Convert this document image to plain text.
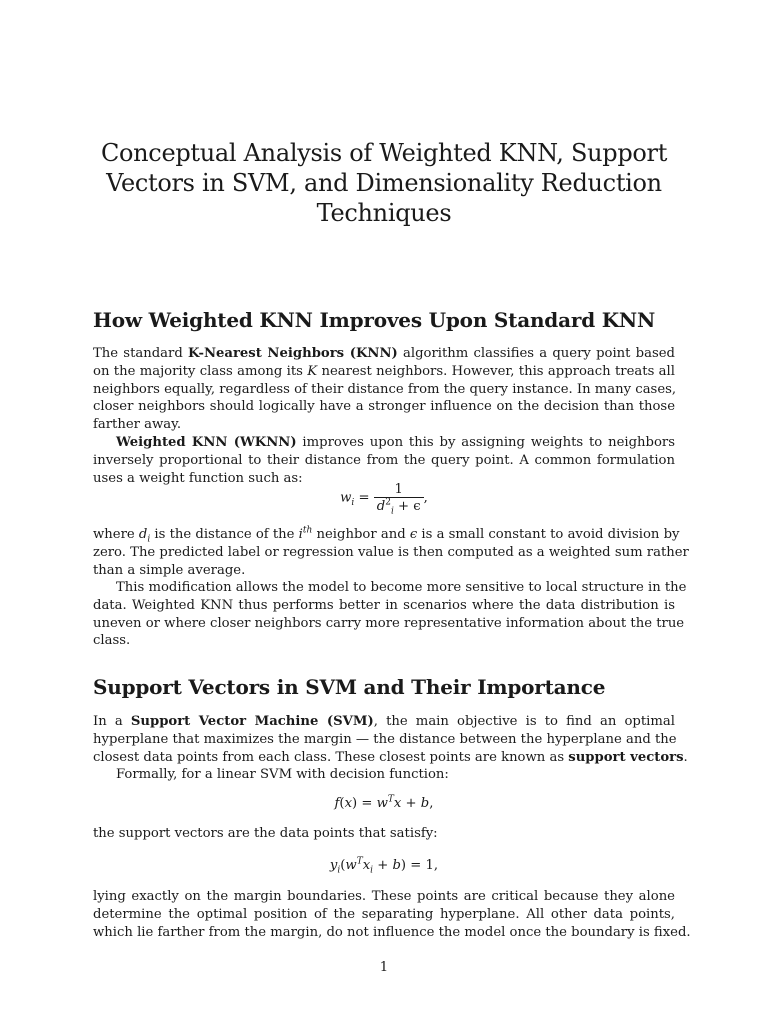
Conceptual Analysis of Weighted KNN, Support
Vectors in SVM, and Dimensionality Reduction
Techniques
How Weighted KNN Improves Upon Standard KNN
The standard K-Nearest Neighbors (KNN) algorithm classifies a query point based
on the majority class among its K nearest neighbors. However, this approach treats all
neighbors equally, regardless of their distance from the query instance. In many cases,
closer neighbors should logically have a stronger influence on the decision than those
farther away.
Weighted KNN (WKNN) improves upon this by assigning weights to neighbors
inversely proportional to their distance from the query point. A common formulation
uses a weight function such as:
$w_i = \frac{1}{d^2_i + \epsilon}$ ,
where $d_i$ is the distance of the $i^{th}$ neighbor and ϵ is a small constant to avoid division by
zero. The predicted label or regression value is then computed as a weighted sum rather
than a simple average.
This modification allows the model to become more sensitive to local structure in the
data. Weighted KNN thus performs better in scenarios where the data distribution is
uneven or where closer neighbors carry more representative information about the true
class.
Support Vectors in SVM and Their Importance
In a Support Vector Machine (SVM), the main objective is to find an optimal
hyperplane that maximizes the margin — the distance between the hyperplane and the
closest data points from each class. These closest points are known as support vectors.
Formally, for a linear SVM with decision function:
$f(x) = w^Tx + b$,
the support vectors are the data points that satisfy:
$y_i(w^Tx_i + b) = 1$,
lying exactly on the margin boundaries. These points are critical because they alone
determine the optimal position of the separating hyperplane. All other data points,
which lie farther from the margin, do not influence the model once the boundary is fixed.
1
